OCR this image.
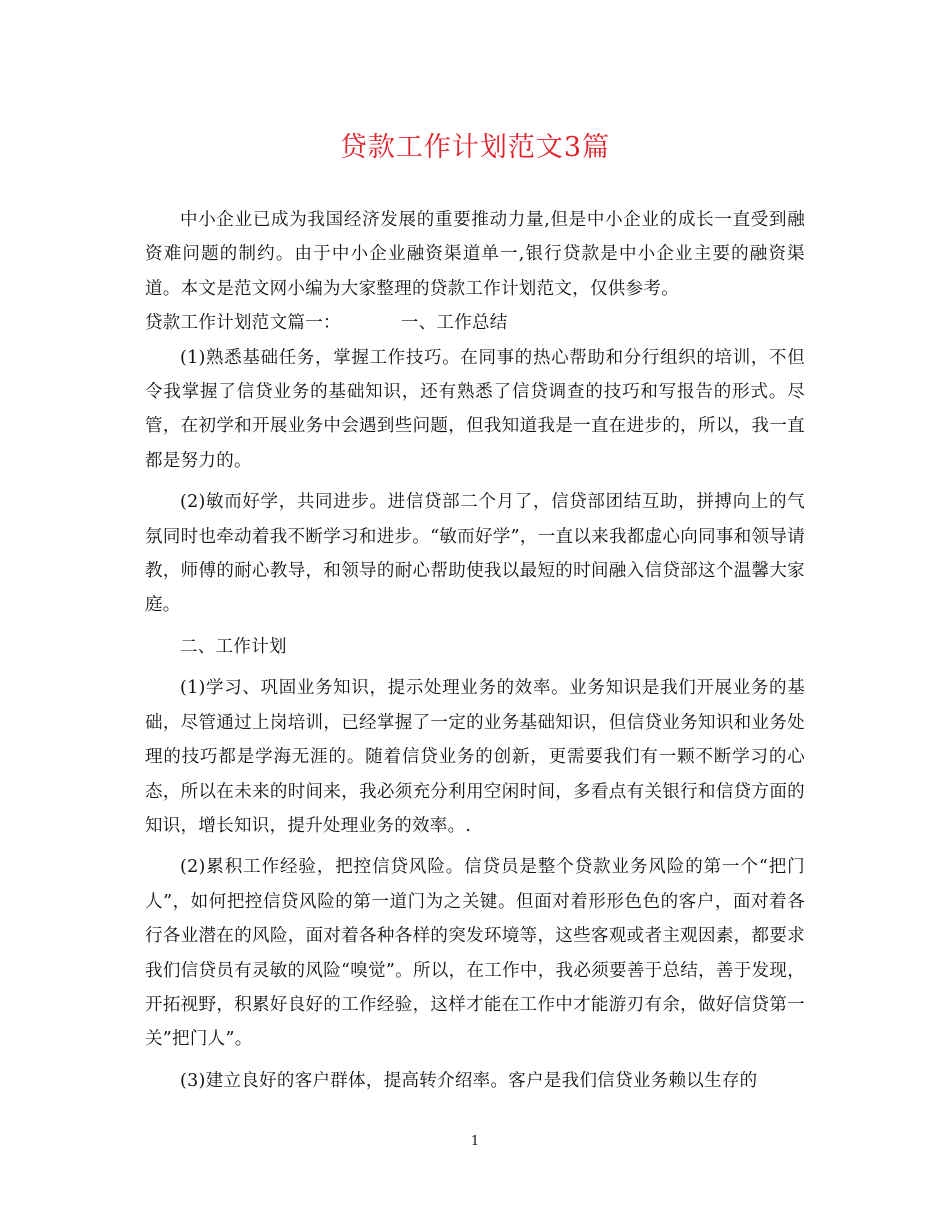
贷款工作计划范文3篇

中小企业已成为我国经济发展的重要推动力量,但是中小企业的成长一直受到融资难问题的制约。由于中小企业融资渠道单一,银行贷款是中小企业主要的融资渠道。本文是范文网小编为大家整理的贷款工作计划范文，仅供参考。

贷款工作计划范文篇一：	一、工作总结

(1)熟悉基础任务，掌握工作技巧。在同事的热心帮助和分行组织的培训，不但令我掌握了信贷业务的基础知识，还有熟悉了信贷调查的技巧和写报告的形式。尽管，在初学和开展业务中会遇到些问题，但我知道我是一直在进步的，所以，我一直都是努力的。

(2)敏而好学，共同进步。进信贷部二个月了，信贷部团结互助，拼搏向上的气氛同时也牵动着我不断学习和进步。“敏而好学”，一直以来我都虚心向同事和领导请教，师傅的耐心教导，和领导的耐心帮助使我以最短的时间融入信贷部这个温馨大家庭。

二、工作计划

(1)学习、巩固业务知识，提示处理业务的效率。业务知识是我们开展业务的基础，尽管通过上岗培训，已经掌握了一定的业务基础知识，但信贷业务知识和业务处理的技巧都是学海无涯的。随着信贷业务的创新，更需要我们有一颗不断学习的心态，所以在未来的时间来，我必须充分利用空闲时间，多看点有关银行和信贷方面的知识，增长知识，提升处理业务的效率。.

(2)累积工作经验，把控信贷风险。信贷员是整个贷款业务风险的第一个“把门人”，如何把控信贷风险的第一道门为之关键。但面对着形形色色的客户，面对着各行各业潜在的风险，面对着各种各样的突发环境等，这些客观或者主观因素，都要求我们信贷员有灵敏的风险“嗅觉”。所以，在工作中，我必须要善于总结，善于发现，开拓视野，积累好良好的工作经验，这样才能在工作中才能游刃有余，做好信贷第一关”把门人”。

(3)建立良好的客户群体，提高转介绍率。客户是我们信贷业务赖以生存的

1
